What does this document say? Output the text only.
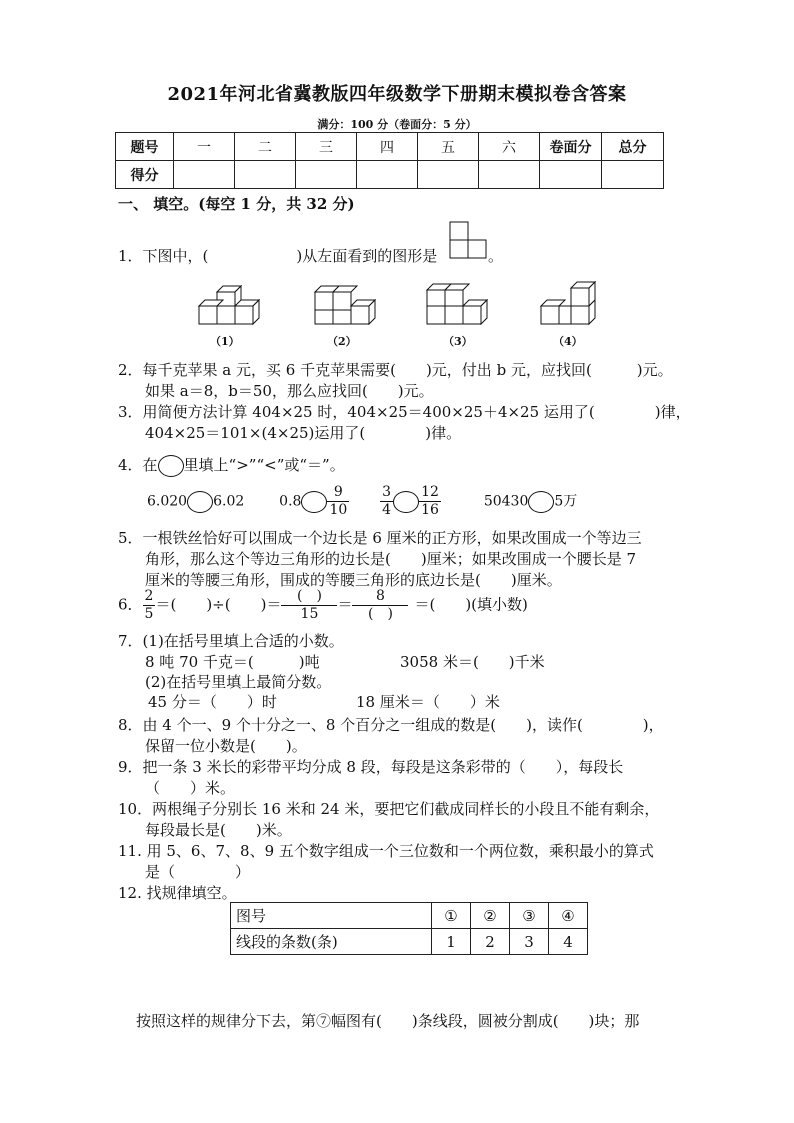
2021年河北省冀教版四年级数学下册期末模拟卷含答案
满分：100 分（卷面分：5 分）
题号	一	二	三	四	五	六	卷面分	总分
得分								
一、 填空。(每空 1 分，共 32 分)
1．下图中，(	)从左面看到的图形是	。
（1）	（2）	（3）	（4）
2．每千克苹果 a 元，买 6 千克苹果需要(　　)元，付出 b 元，应找回(　　　)元。
如果 a＝8，b＝50，那么应找回(　　)元。
3．用简便方法计算 404×25 时，404×25＝400×25＋4×25 运用了(　　　　)律，
404×25＝101×(4×25)运用了(　　　　)律。
4．在 里填上“>”“<”或“＝”。
6.020 6.02 $0.8 \frac{9}{10}$
$\frac{3}{4} \frac{12}{16}$	50430 5万
5．一根铁丝恰好可以围成一个边长是 6 厘米的正方形，如果改围成一个等边三
角形，那么这个等边三角形的边长是(　　)厘米；如果改围成一个腰长是 7
厘米的等腰三角形，围成的等腰三角形的底边长是(　　)厘米。
6． $\frac{2}{5}$ ＝(　　)÷(　　)＝	(　)
15
＝	8
(　)
＝(　　)(填小数)
7．(1)在括号里填上合适的小数。
8 吨 70 千克＝(　　　)吨	3058 米＝(　　)千米
(2)在括号里填上最简分数。
45 分＝（　　）时	18 厘米＝（　　）米
8．由 4 个一、9 个十分之一、8 个百分之一组成的数是(　　)，读作(　　　　)，
保留一位小数是(　　)。
9．把一条 3 米长的彩带平均分成 8 段，每段是这条彩带的（　　），每段长
（　　）米。
10．两根绳子分别长 16 米和 24 米，要把它们截成同样长的小段且不能有剩余，
每段最长是(　　)米。
11. 用 5、6、7、8、9 五个数字组成一个三位数和一个两位数，乘积最小的算式
是（　　　　）
12. 找规律填空。
图号	①	②	③	④
线段的条数(条)	1	2	3	4
按照这样的规律分下去，第⑦幅图有(　　)条线段，圆被分割成(　　)块；那
